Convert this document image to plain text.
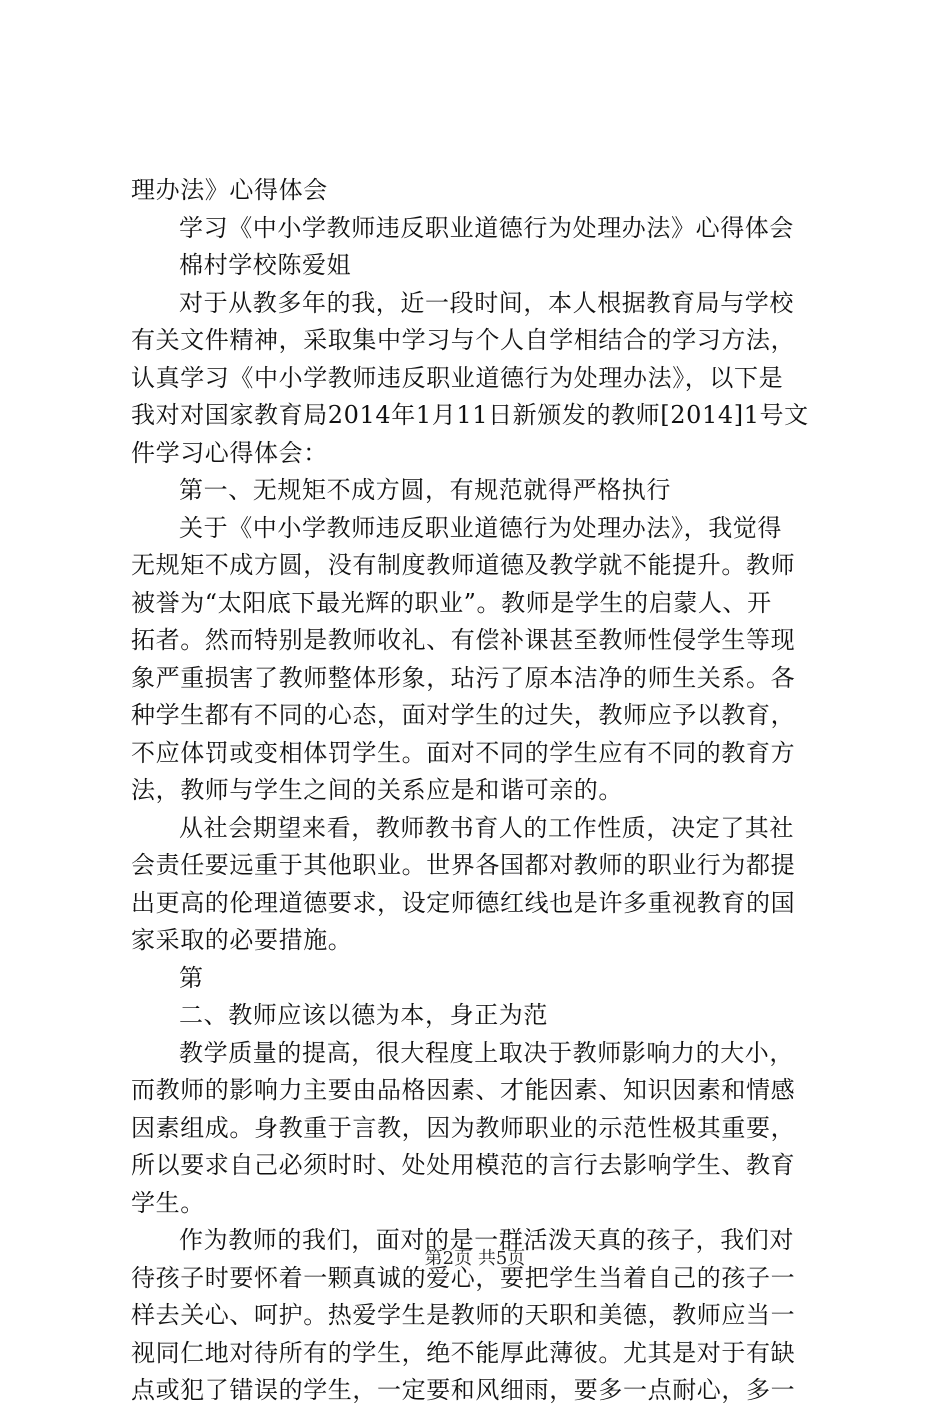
理办法》心得体会
学习《中小学教师违反职业道德行为处理办法》心得体会
棉村学校陈爱姐
对于从教多年的我，近一段时间，本人根据教育局与学校
有关文件精神，采取集中学习与个人自学相结合的学习方法，
认真学习《中小学教师违反职业道德行为处理办法》，以下是
我对对国家教育局2014年1月11日新颁发的教师[2014]1号文
件学习心得体会：
第一、无规矩不成方圆，有规范就得严格执行
关于《中小学教师违反职业道德行为处理办法》，我觉得
无规矩不成方圆，没有制度教师道德及教学就不能提升。教师
被誉为“太阳底下最光辉的职业”。教师是学生的启蒙人、开
拓者。然而特别是教师收礼、有偿补课甚至教师性侵学生等现
象严重损害了教师整体形象，玷污了原本洁净的师生关系。各
种学生都有不同的心态，面对学生的过失，教师应予以教育，
不应体罚或变相体罚学生。面对不同的学生应有不同的教育方
法，教师与学生之间的关系应是和谐可亲的。
从社会期望来看，教师教书育人的工作性质，决定了其社
会责任要远重于其他职业。世界各国都对教师的职业行为都提
出更高的伦理道德要求，设定师德红线也是许多重视教育的国
家采取的必要措施。
第
二、教师应该以德为本，身正为范
教学质量的提高，很大程度上取决于教师影响力的大小，
而教师的影响力主要由品格因素、才能因素、知识因素和情感
因素组成。身教重于言教，因为教师职业的示范性极其重要，
所以要求自己必须时时、处处用模范的言行去影响学生、教育
学生。
作为教师的我们，面对的是一群活泼天真的孩子，我们对
待孩子时要怀着一颗真诚的爱心，要把学生当着自己的孩子一
样去关心、呵护。热爱学生是教师的天职和美德，教师应当一
视同仁地对待所有的学生，绝不能厚此薄彼。尤其是对于有缺
点或犯了错误的学生，一定要和风细雨，要多一点耐心，多一
第2页 共5页
